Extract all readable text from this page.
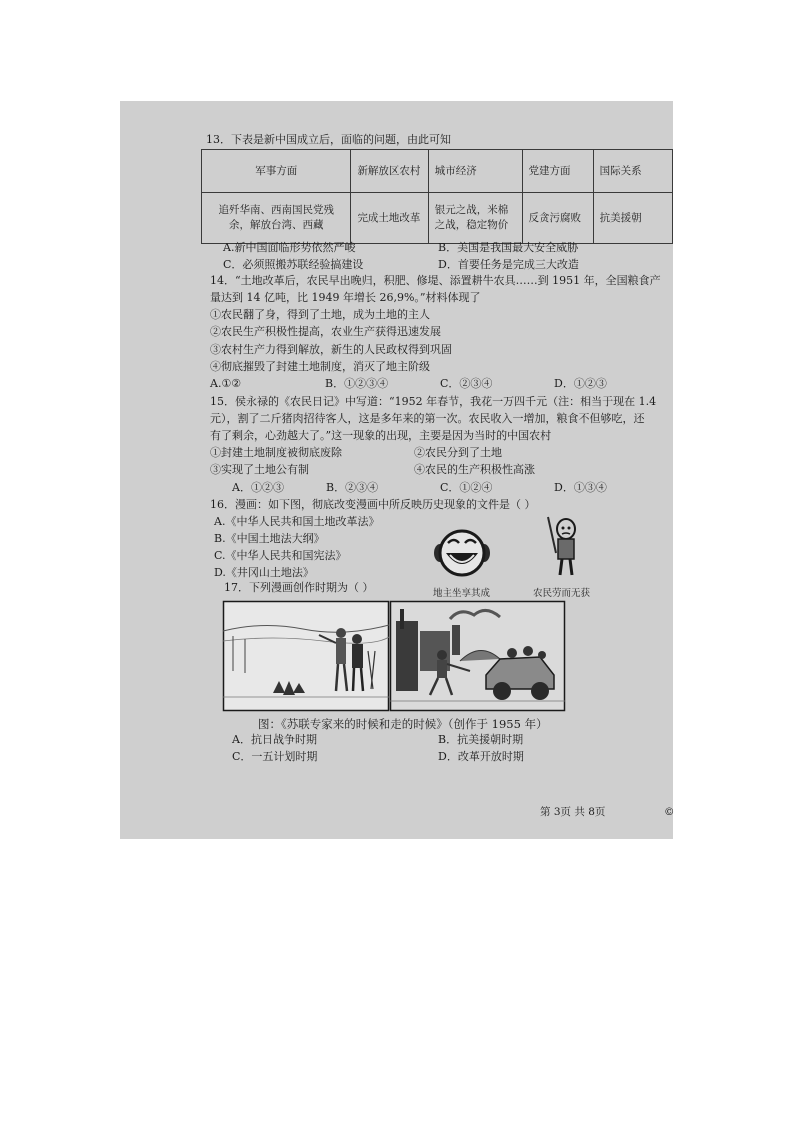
13．下表是新中国成立后，面临的问题，由此可知
军事方面	新解放区农村	城市经济	党建方面	国际关系
追歼华南、西南国民党残余，解放台湾、西藏	完成土地改革	银元之战，米棉之战，稳定物价	反贪污腐败	抗美援朝
A.新中国面临形势依然严峻	B．美国是我国最大安全威胁
C．必须照搬苏联经验搞建设	D．首要任务是完成三大改造
14．“土地改革后，农民早出晚归，积肥、修堤、添置耕牛农具……到 1951 年，全国粮食产
量达到 14 亿吨，比 1949 年增长 26,9%。”材料体现了
①农民翻了身，得到了土地，成为土地的主人
②农民生产积极性提高，农业生产获得迅速发展
③农村生产力得到解放，新生的人民政权得到巩固
④彻底摧毁了封建土地制度，消灭了地主阶级
A.①②	B．①②③④	C．②③④	D．①②③
15．侯永禄的《农民日记》中写道：“1952 年春节，我花一万四千元（注：相当于现在 1.4
元），割了二斤猪肉招待客人，这是多年来的第一次。农民收入一增加，粮食不但够吃，还
有了剩余，心劲越大了。”这一现象的出现，主要是因为当时的中国农村
①封建土地制度被彻底废除	②农民分到了土地
③实现了土地公有制	④农民的生产积极性高涨
A．①②③	B．②③④	C．①②④	D．①③④
16．漫画：如下图，彻底改变漫画中所反映历史现象的文件是（ ）
A.《中华人民共和国土地改革法》
B.《中国土地法大纲》
C.《中华人民共和国宪法》
D.《井冈山土地法》
地主坐享其成	农民劳而无获
17．下列漫画创作时期为（ ）
图：《苏联专家来的时候和走的时候》（创作于 1955 年）
A．抗日战争时期	B．抗美援朝时期
C．一五计划时期	D．改革开放时期
第 3页 共 8页	©
